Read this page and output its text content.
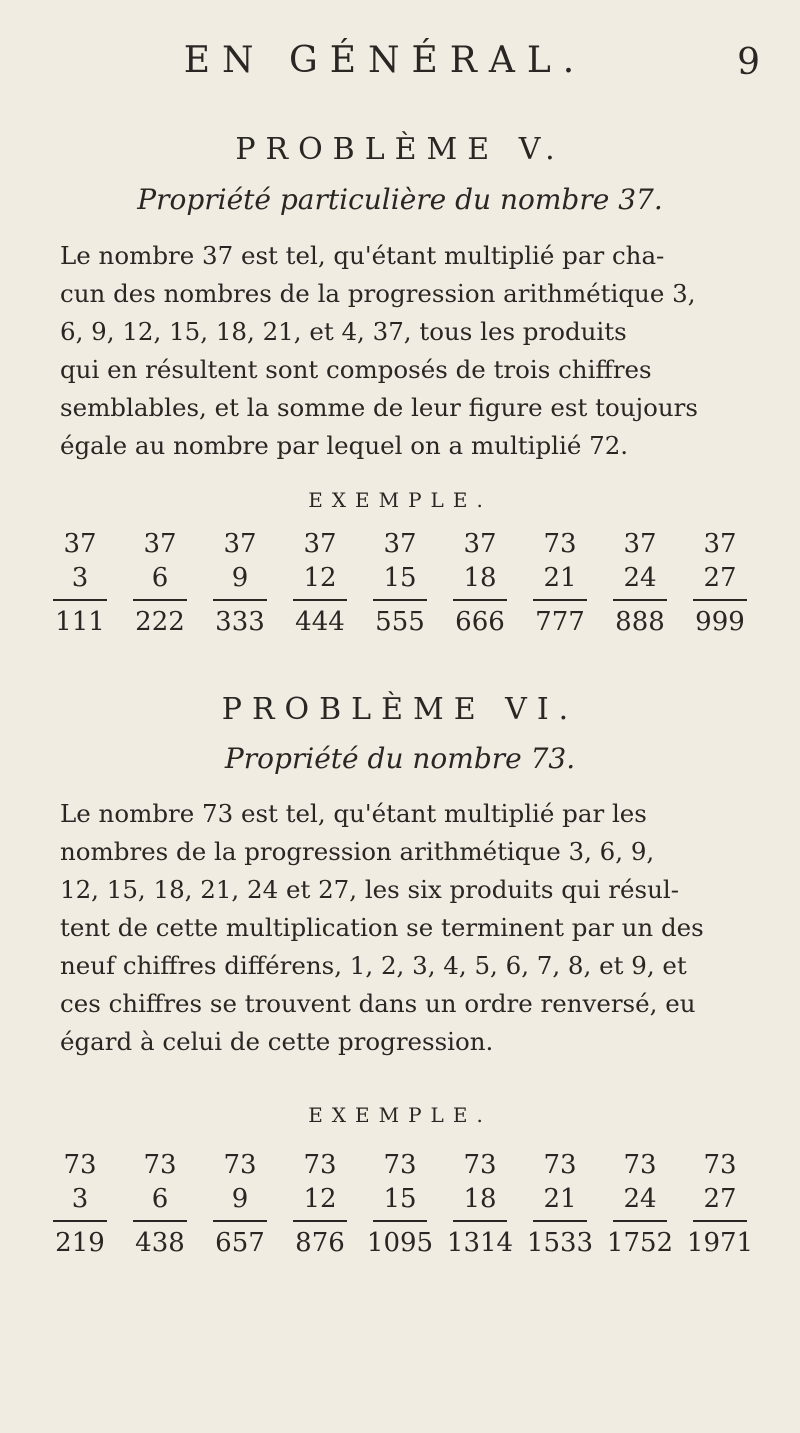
EN GÉNÉRAL.	9
PROBLÈME V.
Propriété particulière du nombre 37.
Le nombre 37 est tel, qu'étant multiplié par cha-
cun des nombres de la progression arithmétique 3,
6, 9, 12, 15, 18, 21, et 4, 37, tous les produits
qui en résultent sont composés de trois chiffres
semblables, et la somme de leur figure est toujours
égale au nombre par lequel on a multiplié 72.
EXEMPLE.
37
3
111
37
6
222
37
9
333
37
12
444
37
15
555
37
18
666
73
21
777
37
24
888
37
27
999
PROBLÈME VI.
Propriété du nombre 73.
Le nombre 73 est tel, qu'étant multiplié par les
nombres de la progression arithmétique 3, 6, 9,
12, 15, 18, 21, 24 et 27, les six produits qui résul-
tent de cette multiplication se terminent par un des
neuf chiffres différens, 1, 2, 3, 4, 5, 6, 7, 8, et 9, et
ces chiffres se trouvent dans un ordre renversé, eu
égard à celui de cette progression.
EXEMPLE.
73
3
219
73
6
438
73
9
657
73
12
876
73
15
1095
73
18
1314
73
21
1533
73
24
1752
73
27
1971
